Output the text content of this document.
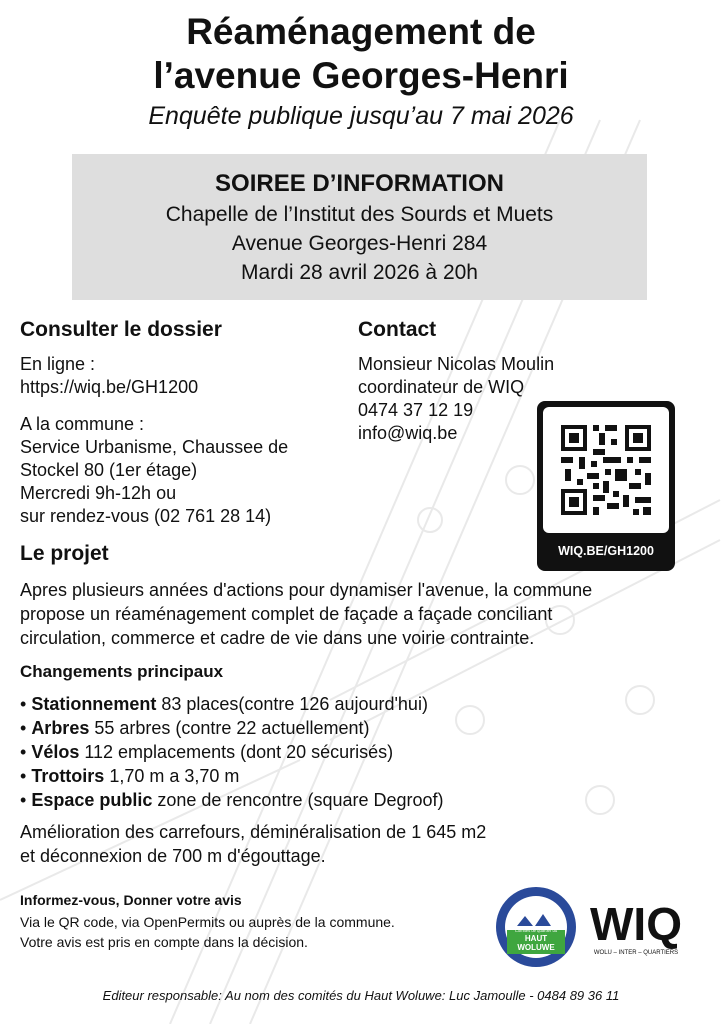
Réaménagement de
l’avenue Georges-Henri
Enquête publique jusqu’au 7 mai 2026
SOIREE D’INFORMATION
Chapelle de l’Institut des Sourds et Muets
Avenue Georges-Henri 284
Mardi 28 avril 2026 à 20h
Consulter le dossier
En ligne :
https://wiq.be/GH1200
A la commune :
Service Urbanisme, Chaussee de
Stockel 80 (1er étage)
Mercredi 9h-12h ou
sur rendez-vous (02 761 28 14)
Contact
Monsieur Nicolas Moulin
coordinateur de WIQ
0474 37 12 19
info@wiq.be
WIQ.BE/GH1200
Le projet
Apres plusieurs années d'actions pour dynamiser l'avenue, la commune
propose un réaménagement complet de façade a façade conciliant
circulation, commerce et cadre de vie dans une voirie contrainte.
Changements principaux
• Stationnement 83 places(contre 126 aujourd'hui)
• Arbres 55 arbres (contre 22 actuellement)
• Vélos 112 emplacements (dont 20 sécurisés)
• Trottoirs 1,70 m a 3,70 m
• Espace public zone de rencontre (square Degroof)
Amélioration des carrefours, déminéralisation de 1 645 m2
et déconnexion de 700 m d'égouttage.
Informez-vous, Donner votre avis
Via le QR code, via OpenPermits ou auprès de la commune.
Votre avis est pris en compte dans la décision.
Comités de quartier du
HAUT
WOLUWE WIQ
WOLU – INTER – QUARTIERS
Editeur responsable: Au nom des comités du Haut Woluwe: Luc Jamoulle - 0484 89 36 11
